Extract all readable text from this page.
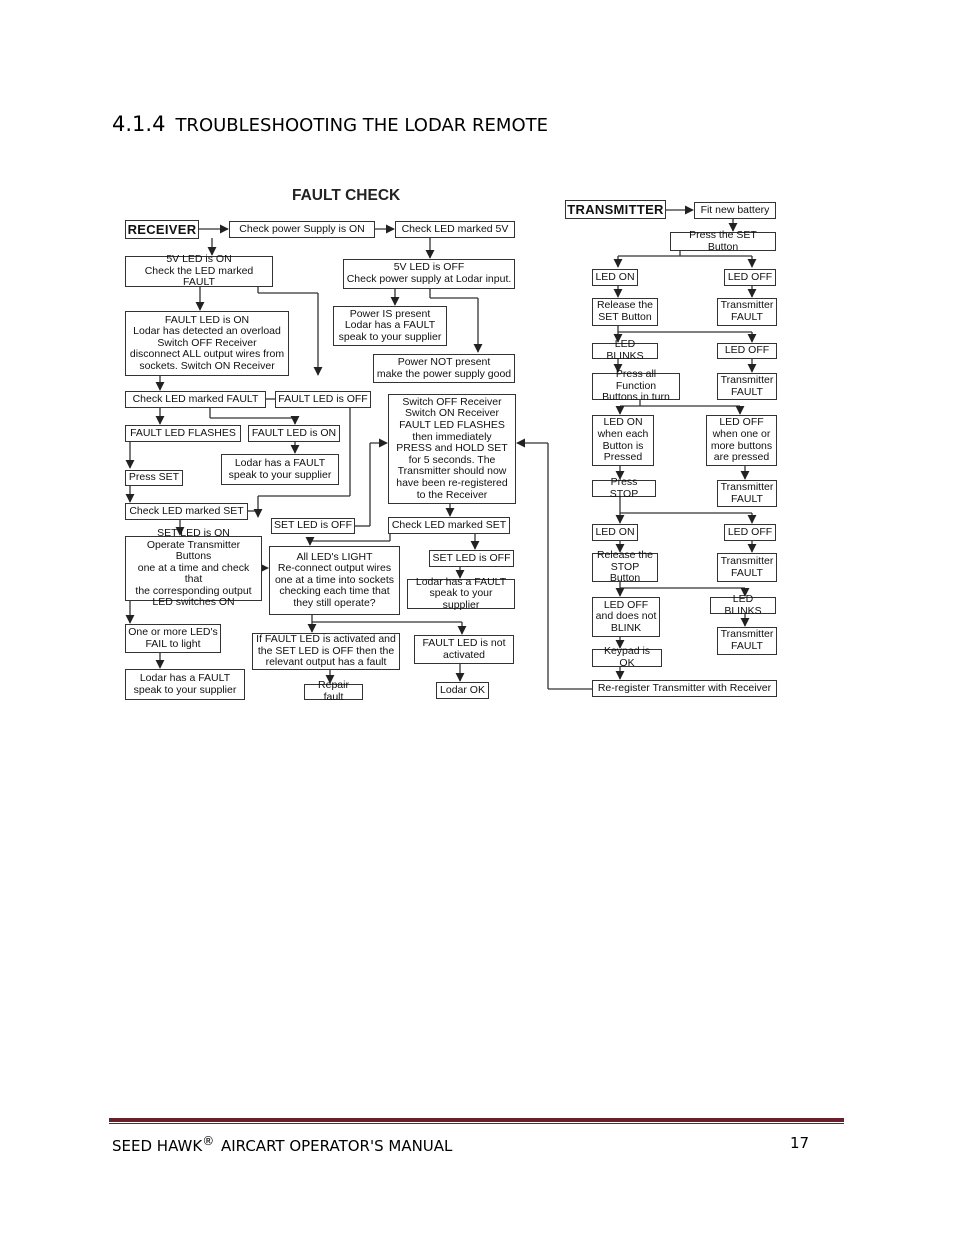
4.1.4 TROUBLESHOOTING THE LODAR REMOTE
FAULT CHECK
RECEIVER	Check power Supply is ON	Check LED marked 5V
5V LED is ON
Check the LED marked FAULT
5V LED is OFF
Check power supply at Lodar input.
FAULT LED is ON
Lodar has detected an overload
Switch OFF Receiver
disconnect ALL output wires from
sockets. Switch ON Receiver
Power IS present
Lodar has a FAULT
speak to your supplier
Power NOT present
make the power supply good
Check LED marked FAULT	FAULT LED is OFF	Switch OFF Receiver
Switch ON Receiver
FAULT LED FLASHES
then immediately
PRESS and HOLD SET
for 5 seconds. The
Transmitter should now
have been re-registered
to the Receiver
FAULT LED FLASHES	FAULT LED is ON
Lodar has a FAULT
speak to your supplier
Press SET
Check LED marked SET
SET LED is OFF	Check LED marked SET
SET LED is ON
Operate Transmitter Buttons
one at a time and check that
the corresponding output
LED switches ON
All LED's LIGHT
Re-connect output wires
one at a time into sockets
checking each time that
they still operate?
SET LED is OFF
Lodar has a FAULT
speak to your supplier
One or more LED's
FAIL to light	If FAULT LED is activated and
the SET LED is OFF then the
relevant output has a fault
FAULT LED is not
activated
Lodar has a FAULT
speak to your supplier	Repair fault
Lodar OK
TRANSMITTER	Fit new battery
Press the SET Button
LED ON	LED OFF
Release the
SET Button
Transmitter
FAULT
LED BLINKS	LED OFF
Press all Function
Buttons in turn
Transmitter
FAULT
LED ON
when each
Button is
Pressed
LED OFF
when one or
more buttons
are pressed
Press STOP
Transmitter
FAULT
LED ON	LED OFF
Release the
STOP Button
Transmitter
FAULT
LED OFF
and does not
BLINK
LED BLINKS
Transmitter
FAULT
Keypad is OK
Re-register Transmitter with Receiver
SEED HAWK® AIRCART OPERATOR'S MANUAL	17
